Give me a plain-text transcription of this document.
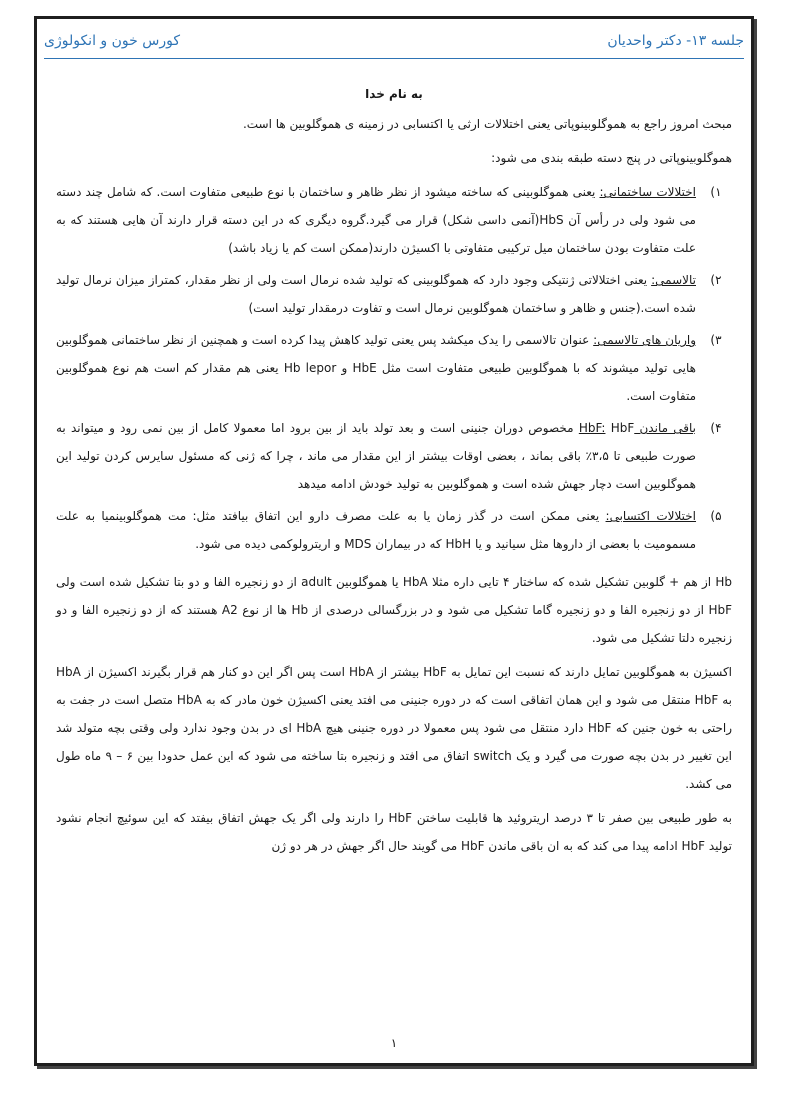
جلسه ۱۳- دکتر واحدیان
کورس خون و انکولوژی
به نام خدا

مبحث امروز راجع به هموگلوبینوپاتی یعنی اختلالات ارثی یا اکتسابی در زمینه ی هموگلوبین ها است.

هموگلوبینوپاتی در پنج دسته طبقه بندی می شود:

۱)
اختلالات ساختمانی: یعنی هموگلوبینی که ساخته میشود از نظر ظاهر و ساختمان با نوع طبیعی متفاوت است. که شامل چند دسته می شود ولی در رأس آن HbS(آنمی داسی شکل) قرار می گیرد.گروه دیگری که در این دسته قرار دارند آن هایی هستند که به علت متفاوت بودن ساختمان میل ترکیبی متفاوتی با اکسیژن دارند(ممکن است کم یا زیاد باشد)
۲)
تالاسمی: یعنی اختلالاتی ژنتیکی وجود دارد که هموگلوبینی که تولید شده نرمال است ولی از نظر مقدار، کمتراز میزان نرمال تولید شده است.(جنس و ظاهر و ساختمان هموگلوبین نرمال است و تفاوت درمقدار تولید است)
۳)
واریان های تالاسمی: عنوان تالاسمی را یدک میکشد پس یعنی تولید کاهش پیدا کرده است و همچنین از نظر ساختمانی هموگلوبین هایی تولید میشوند که با هموگلوبین طبیعی متفاوت است مثل HbE و Hb lepor یعنی هم مقدار کم است هم نوع هموگلوبین متفاوت است.
۴)
باقی ماندن HbF: HbF مخصوص دوران جنینی است و بعد تولد باید از بین برود اما معمولا کامل از بین نمی رود و میتواند به صورت طبیعی تا ۳،۵٪ باقی بماند ، بعضی اوقات بیشتر از این مقدار می ماند ، چرا که ژنی که مسئول سایرس کردن تولید این هموگلوبین است دچار جهش شده است و هموگلوبین به تولید خودش ادامه میدهد
۵)
اختلالات اکتسابی: یعنی ممکن است در گذر زمان یا به علت مصرف دارو این اتفاق بیافتد مثل: مت هموگلوبینمیا به علت مسمومیت با بعضی از داروها مثل سیانید و یا HbH که در بیماران MDS و اریترولوکمی دیده می شود.

Hb از هم + گلوبین تشکیل شده که ساختار ۴ تایی داره مثلا HbA یا هموگلوبین adult از دو زنجیره الفا و دو بتا تشکیل شده است ولی HbF از دو زنجیره الفا و دو زنجیره گاما تشکیل می شود و در بزرگسالی درصدی از Hb ها از نوع A2 هستند که از دو زنجیره الفا و دو زنجیره دلتا تشکیل می شود.

اکسیژن به هموگلوبین تمایل دارند که نسبت این تمایل به HbF بیشتر از HbA است پس اگر این دو کنار هم قرار بگیرند اکسیژن از HbA به HbF منتقل می شود و این همان اتفاقی است که در دوره جنینی می افتد یعنی اکسیژن خون مادر که به HbA متصل است در جفت به راحتی به خون جنین که HbF دارد منتقل می شود پس معمولا در دوره جنینی هیچ HbA ای در بدن وجود ندارد ولی وقتی بچه متولد شد این تغییر در بدن بچه صورت می گیرد و یک switch اتفاق می افتد و زنجیره بتا ساخته می شود که این عمل حدودا بین ۶ – ۹ ماه طول می کشد.

به طور طبیعی بین صفر تا ۳ درصد اریتروئید ها قابلیت ساختن HbF را دارند ولی اگر یک جهش اتفاق بیفتد که این سوئیچ انجام نشود تولید HbF ادامه پیدا می کند که به ان باقی ماندن HbF می گویند حال اگر جهش در هر دو ژن

۱
